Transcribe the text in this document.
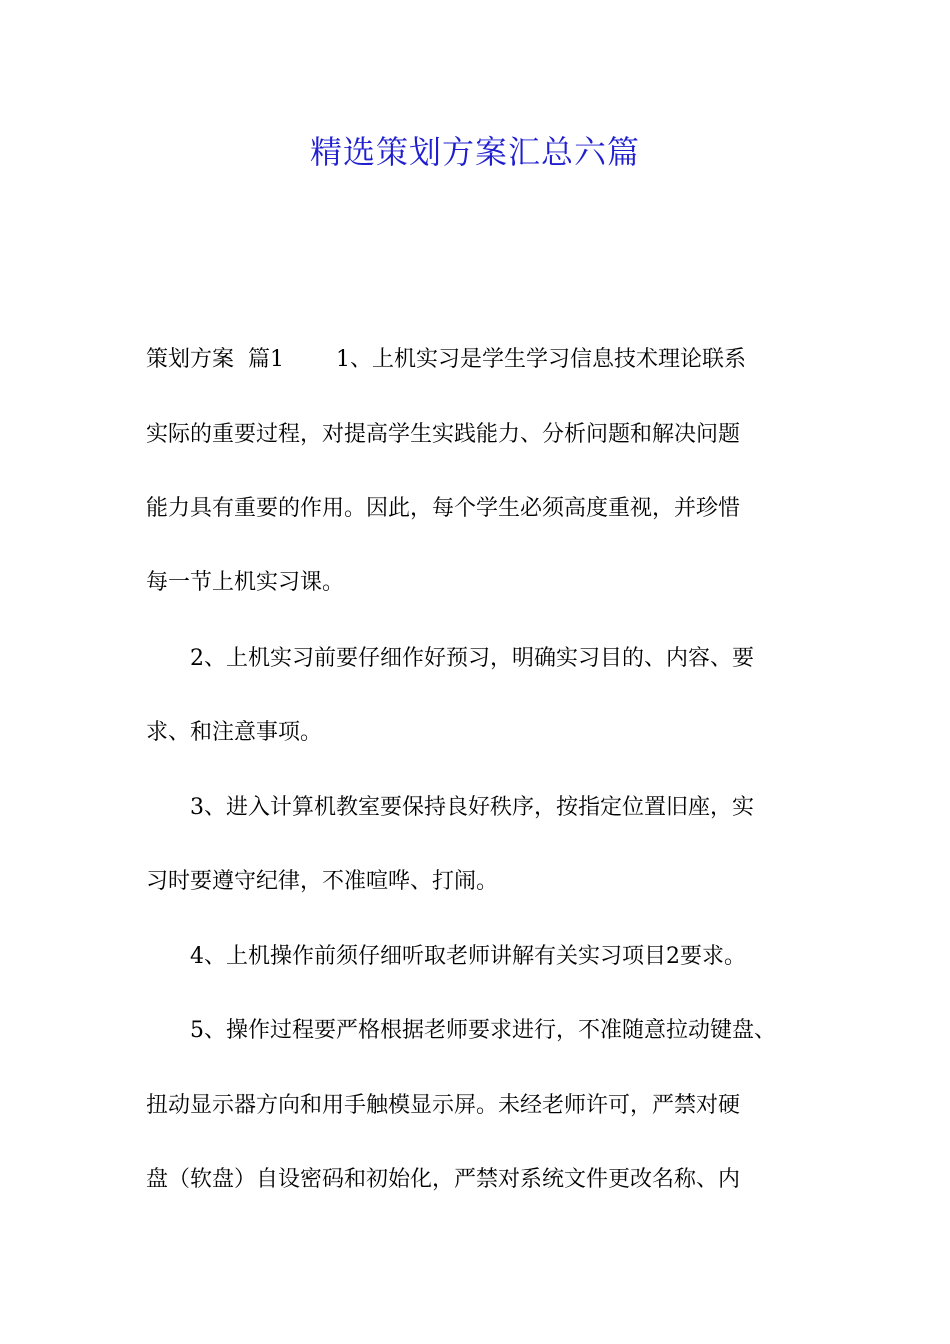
精选策划方案汇总六篇
策划方案  篇1 1、上机实习是学生学习信息技术理论联系
实际的重要过程，对提高学生实践能力、分析问题和解决问题
能力具有重要的作用。因此，每个学生必须高度重视，并珍惜
每一节上机实习课。
2、上机实习前要仔细作好预习，明确实习目的、内容、要
求、和注意事项。
3、进入计算机教室要保持良好秩序，按指定位置旧座，实
习时要遵守纪律，不准喧哗、打闹。
4、上机操作前须仔细听取老师讲解有关实习项目2要求。
5、操作过程要严格根据老师要求进行，不准随意拉动键盘、
扭动显示器方向和用手触模显示屏。未经老师许可，严禁对硬
盘（软盘）自设密码和初始化，严禁对系统文件更改名称、内
